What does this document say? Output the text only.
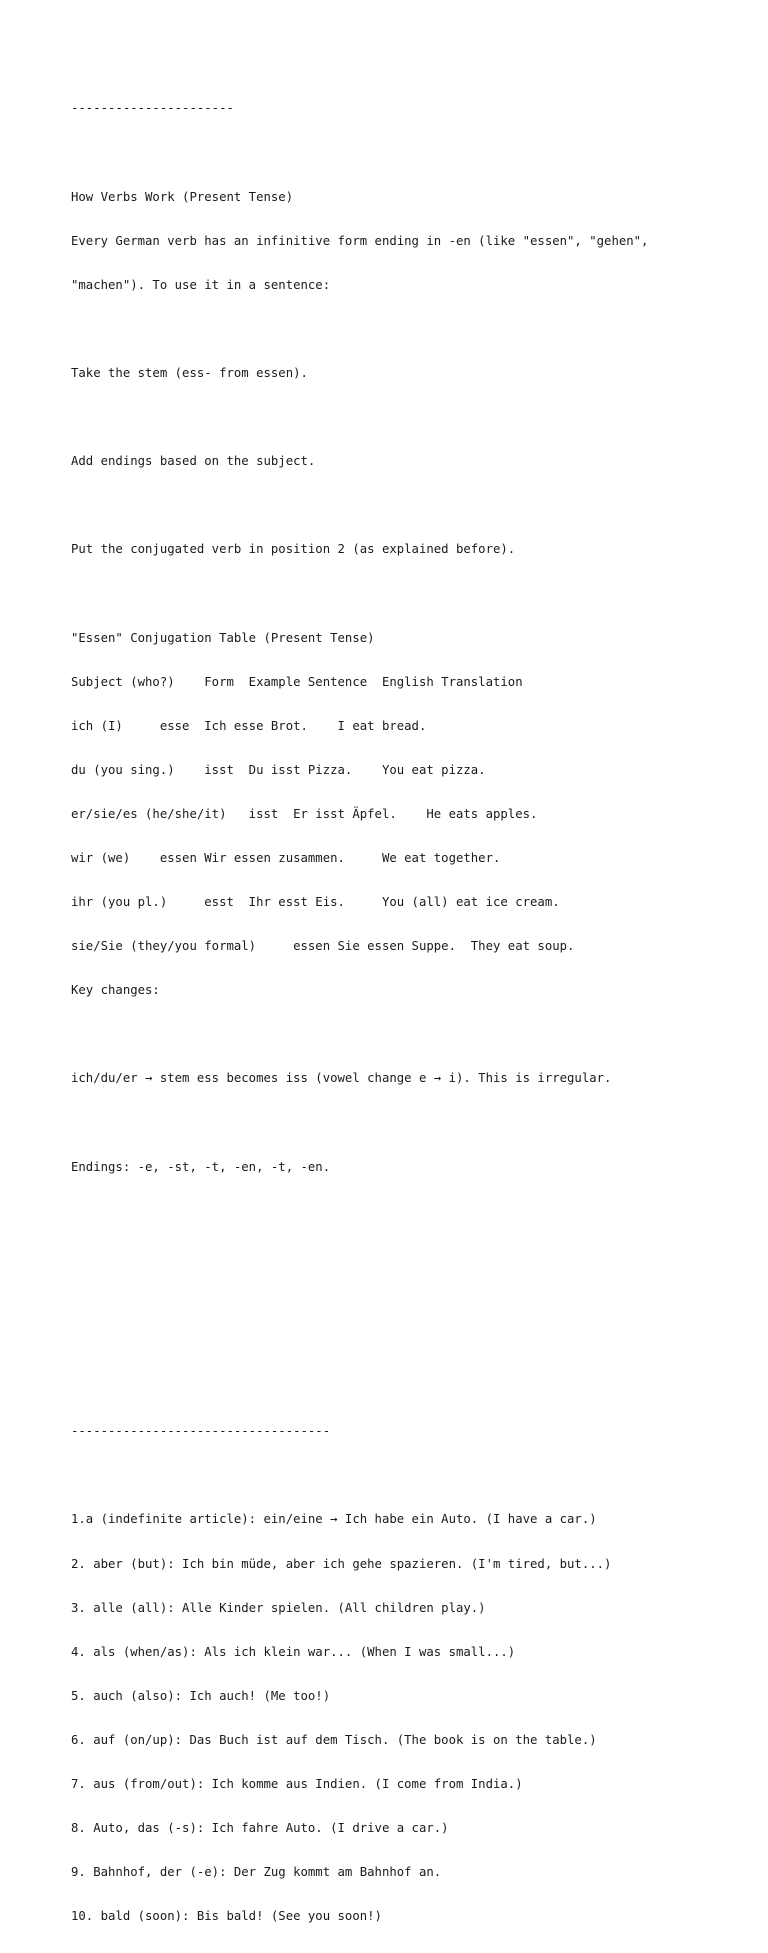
----------------------

How Verbs Work (Present Tense)

Every German verb has an infinitive form ending in -en (like "essen", "gehen",

"machen"). To use it in a sentence:

Take the stem (ess- from essen).

Add endings based on the subject.

Put the conjugated verb in position 2 (as explained before).

"Essen" Conjugation Table (Present Tense)

Subject (who?)    Form  Example Sentence  English Translation

ich (I)     esse  Ich esse Brot.    I eat bread.

du (you sing.)    isst  Du isst Pizza.    You eat pizza.

er/sie/es (he/she/it)   isst  Er isst Äpfel.    He eats apples.

wir (we)    essen Wir essen zusammen.     We eat together.

ihr (you pl.)     esst  Ihr esst Eis.     You (all) eat ice cream.

sie/Sie (they/you formal)     essen Sie essen Suppe.  They eat soup.

Key changes:

ich/du/er → stem ess becomes iss (vowel change e → i). This is irregular.

Endings: -e, -st, -t, -en, -t, -en.

-----------------------------------

1.a (indefinite article): ein/eine → Ich habe ein Auto. (I have a car.)

2. aber (but): Ich bin müde, aber ich gehe spazieren. (I'm tired, but...)

3. alle (all): Alle Kinder spielen. (All children play.)

4. als (when/as): Als ich klein war... (When I was small...)

5. auch (also): Ich auch! (Me too!)

6. auf (on/up): Das Buch ist auf dem Tisch. (The book is on the table.)

7. aus (from/out): Ich komme aus Indien. (I come from India.)

8. Auto, das (-s): Ich fahre Auto. (I drive a car.)

9. Bahnhof, der (-e): Der Zug kommt am Bahnhof an.

10. bald (soon): Bis bald! (See you soon!)
